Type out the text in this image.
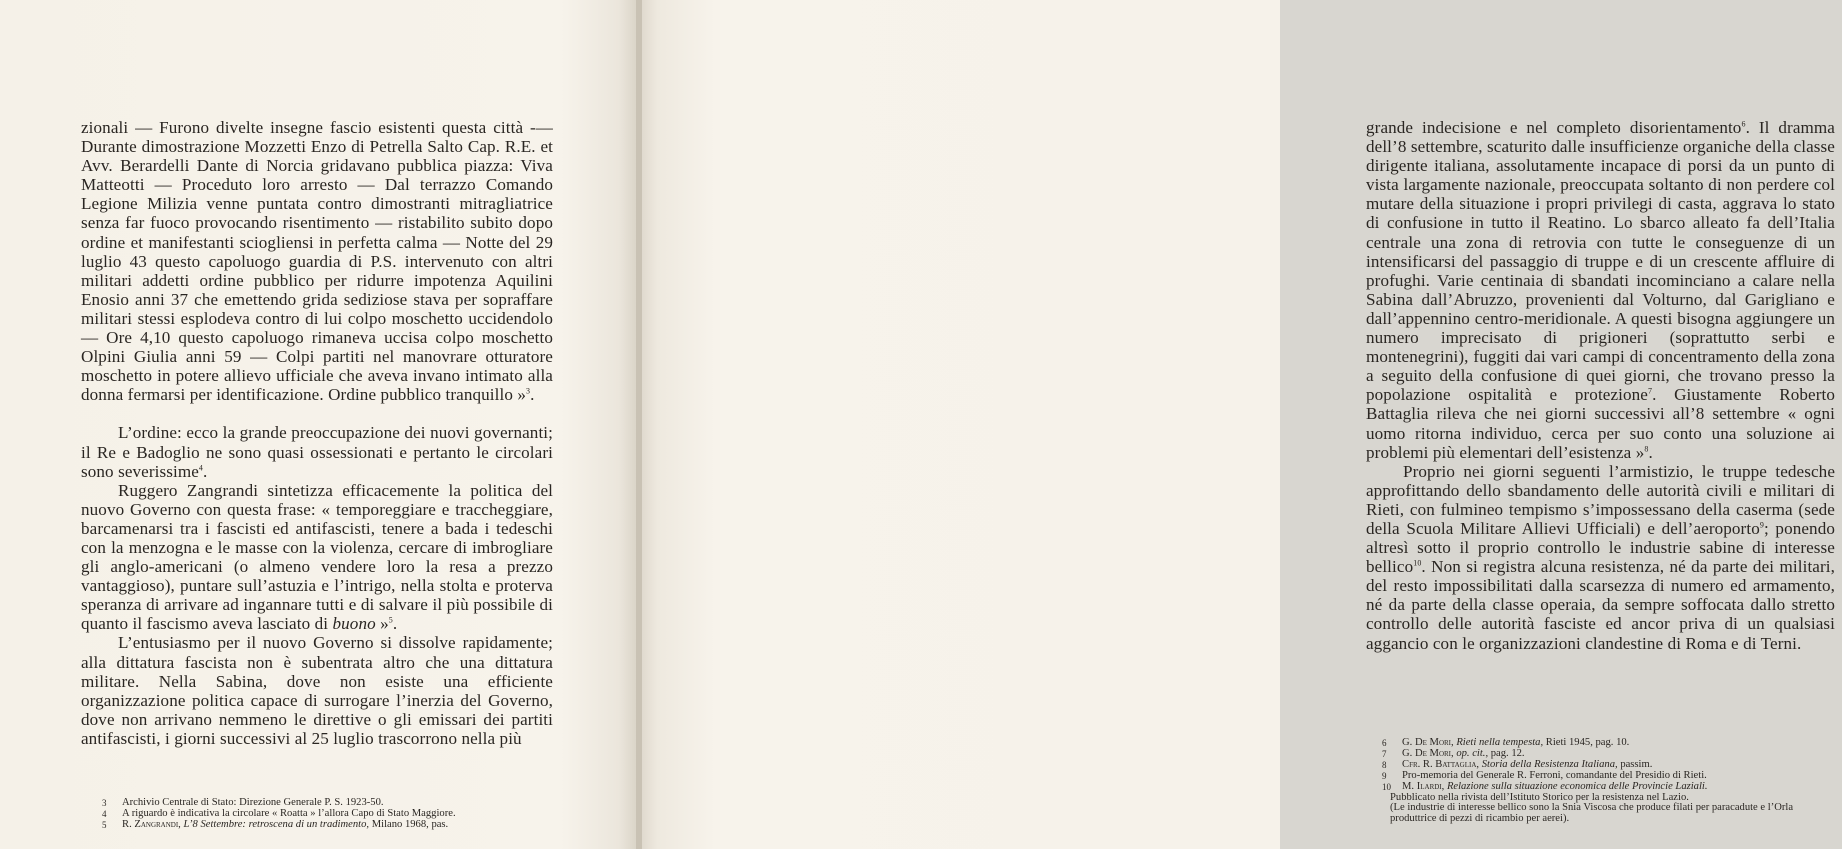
zionali — Furono divelte insegne fascio esistenti questa città -— Durante dimostrazione Mozzetti Enzo di Petrella Salto Cap. R.E. et Avv. Berardelli Dante di Norcia gridavano pubblica piazza: Viva Matteotti — Proceduto loro arresto — Dal terrazzo Comando Legione Milizia venne puntata contro dimostranti mitragliatrice senza far fuoco provocando risentimento — ristabilito subito dopo ordine et manifestanti sciogliensi in perfetta calma — Notte del 29 luglio 43 questo capoluogo guardia di P.S. intervenuto con altri militari addetti ordine pubblico per ridurre impotenza Aquilini Enosio anni 37 che emettendo grida sediziose stava per sopraffare militari stessi esplodeva contro di lui colpo moschetto uccidendolo — Ore 4,10 questo capoluogo rimaneva uccisa colpo moschetto Olpini Giulia anni 59 — Colpi partiti nel manovrare otturatore moschetto in potere allievo ufficiale che aveva invano intimato alla donna fermarsi per identificazione. Ordine pubblico tranquillo »$^3$.

L’ordine: ecco la grande preoccupazione dei nuovi governanti; il Re e Badoglio ne sono quasi ossessionati e pertanto le circolari sono severissime$^4$.

Ruggero Zangrandi sintetizza efficacemente la politica del nuovo Governo con questa frase: « temporeggiare e traccheggiare, barcamenarsi tra i fascisti ed antifascisti, tenere a bada i tedeschi con la menzogna e le masse con la violenza, cercare di imbrogliare gli anglo-americani (o almeno vendere loro la resa a prezzo vantaggioso), puntare sull’astuzia e l’intrigo, nella stolta e proterva speranza di arrivare ad ingannare tutti e di salvare il più possibile di quanto il fascismo aveva lasciato di buono »$^5$.

L’entusiasmo per il nuovo Governo si dissolve rapidamente; alla dittatura fascista non è subentrata altro che una dittatura militare. Nella Sabina, dove non esiste una efficiente organizzazione politica capace di surrogare l’inerzia del Governo, dove non arrivano nemmeno le direttive o gli emissari dei partiti antifascisti, i giorni successivi al 25 luglio trascorrono nella più

3	Archivio Centrale di Stato: Direzione Generale P. S. 1923-50.
4	A riguardo è indicativa la circolare « Roatta » l’allora Capo di Stato Maggiore.
5	R. Zangrandi, L’8 Settembre: retroscena di un tradimento, Milano 1968, pas.

grande indecisione e nel completo disorientamento$^6$. Il dramma dell’8 settembre, scaturito dalle insufficienze organiche della classe dirigente italiana, assolutamente incapace di porsi da un punto di vista largamente nazionale, preoccupata soltanto di non perdere col mutare della situazione i propri privilegi di casta, aggrava lo stato di confusione in tutto il Reatino. Lo sbarco alleato fa dell’Italia centrale una zona di retrovia con tutte le conseguenze di un intensificarsi del passaggio di truppe e di un crescente affluire di profughi. Varie centinaia di sbandati incominciano a calare nella Sabina dall’Abruzzo, provenienti dal Volturno, dal Garigliano e dall’appennino centro-meridionale. A questi bisogna aggiungere un numero imprecisato di prigioneri (soprattutto serbi e montenegrini), fuggiti dai vari campi di concentramento della zona a seguito della confusione di quei giorni, che trovano presso la popolazione ospitalità e protezione$^7$. Giustamente Roberto Battaglia rileva che nei giorni successivi all’8 settembre « ogni uomo ritorna individuo, cerca per suo conto una soluzione ai problemi più elementari dell’esistenza »$^8$.

Proprio nei giorni seguenti l’armistizio, le truppe tedesche approfittando dello sbandamento delle autorità civili e militari di Rieti, con fulmineo tempismo s’impossessano della caserma (sede della Scuola Militare Allievi Ufficiali) e dell’aeroporto$^9$; ponendo altresì sotto il proprio controllo le industrie sabine di interesse bellico$^{10}$. Non si registra alcuna resistenza, né da parte dei militari, del resto impossibilitati dalla scarsezza di numero ed armamento, né da parte della classe operaia, da sempre soffocata dallo stretto controllo delle autorità fasciste ed ancor priva di un qualsiasi aggancio con le organizzazioni clandestine di Roma e di Terni.

6	G. De Mori, Rieti nella tempesta, Rieti 1945, pag. 10.
7	G. De Mori, op. cit., pag. 12.
8	Cfr. R. Battaglia, Storia della Resistenza Italiana, passim.
9	Pro-memoria del Generale R. Ferroni, comandante del Presidio di Rieti.
10	M. Ilardi, Relazione sulla situazione economica delle Provincie Laziali.
Pubblicato nella rivista dell’Istituto Storico per la resistenza nel Lazio.
(Le industrie di interesse bellico sono la Snia Viscosa che produce filati per paracadute e l’Orla produttrice di pezzi di ricambio per aerei).
